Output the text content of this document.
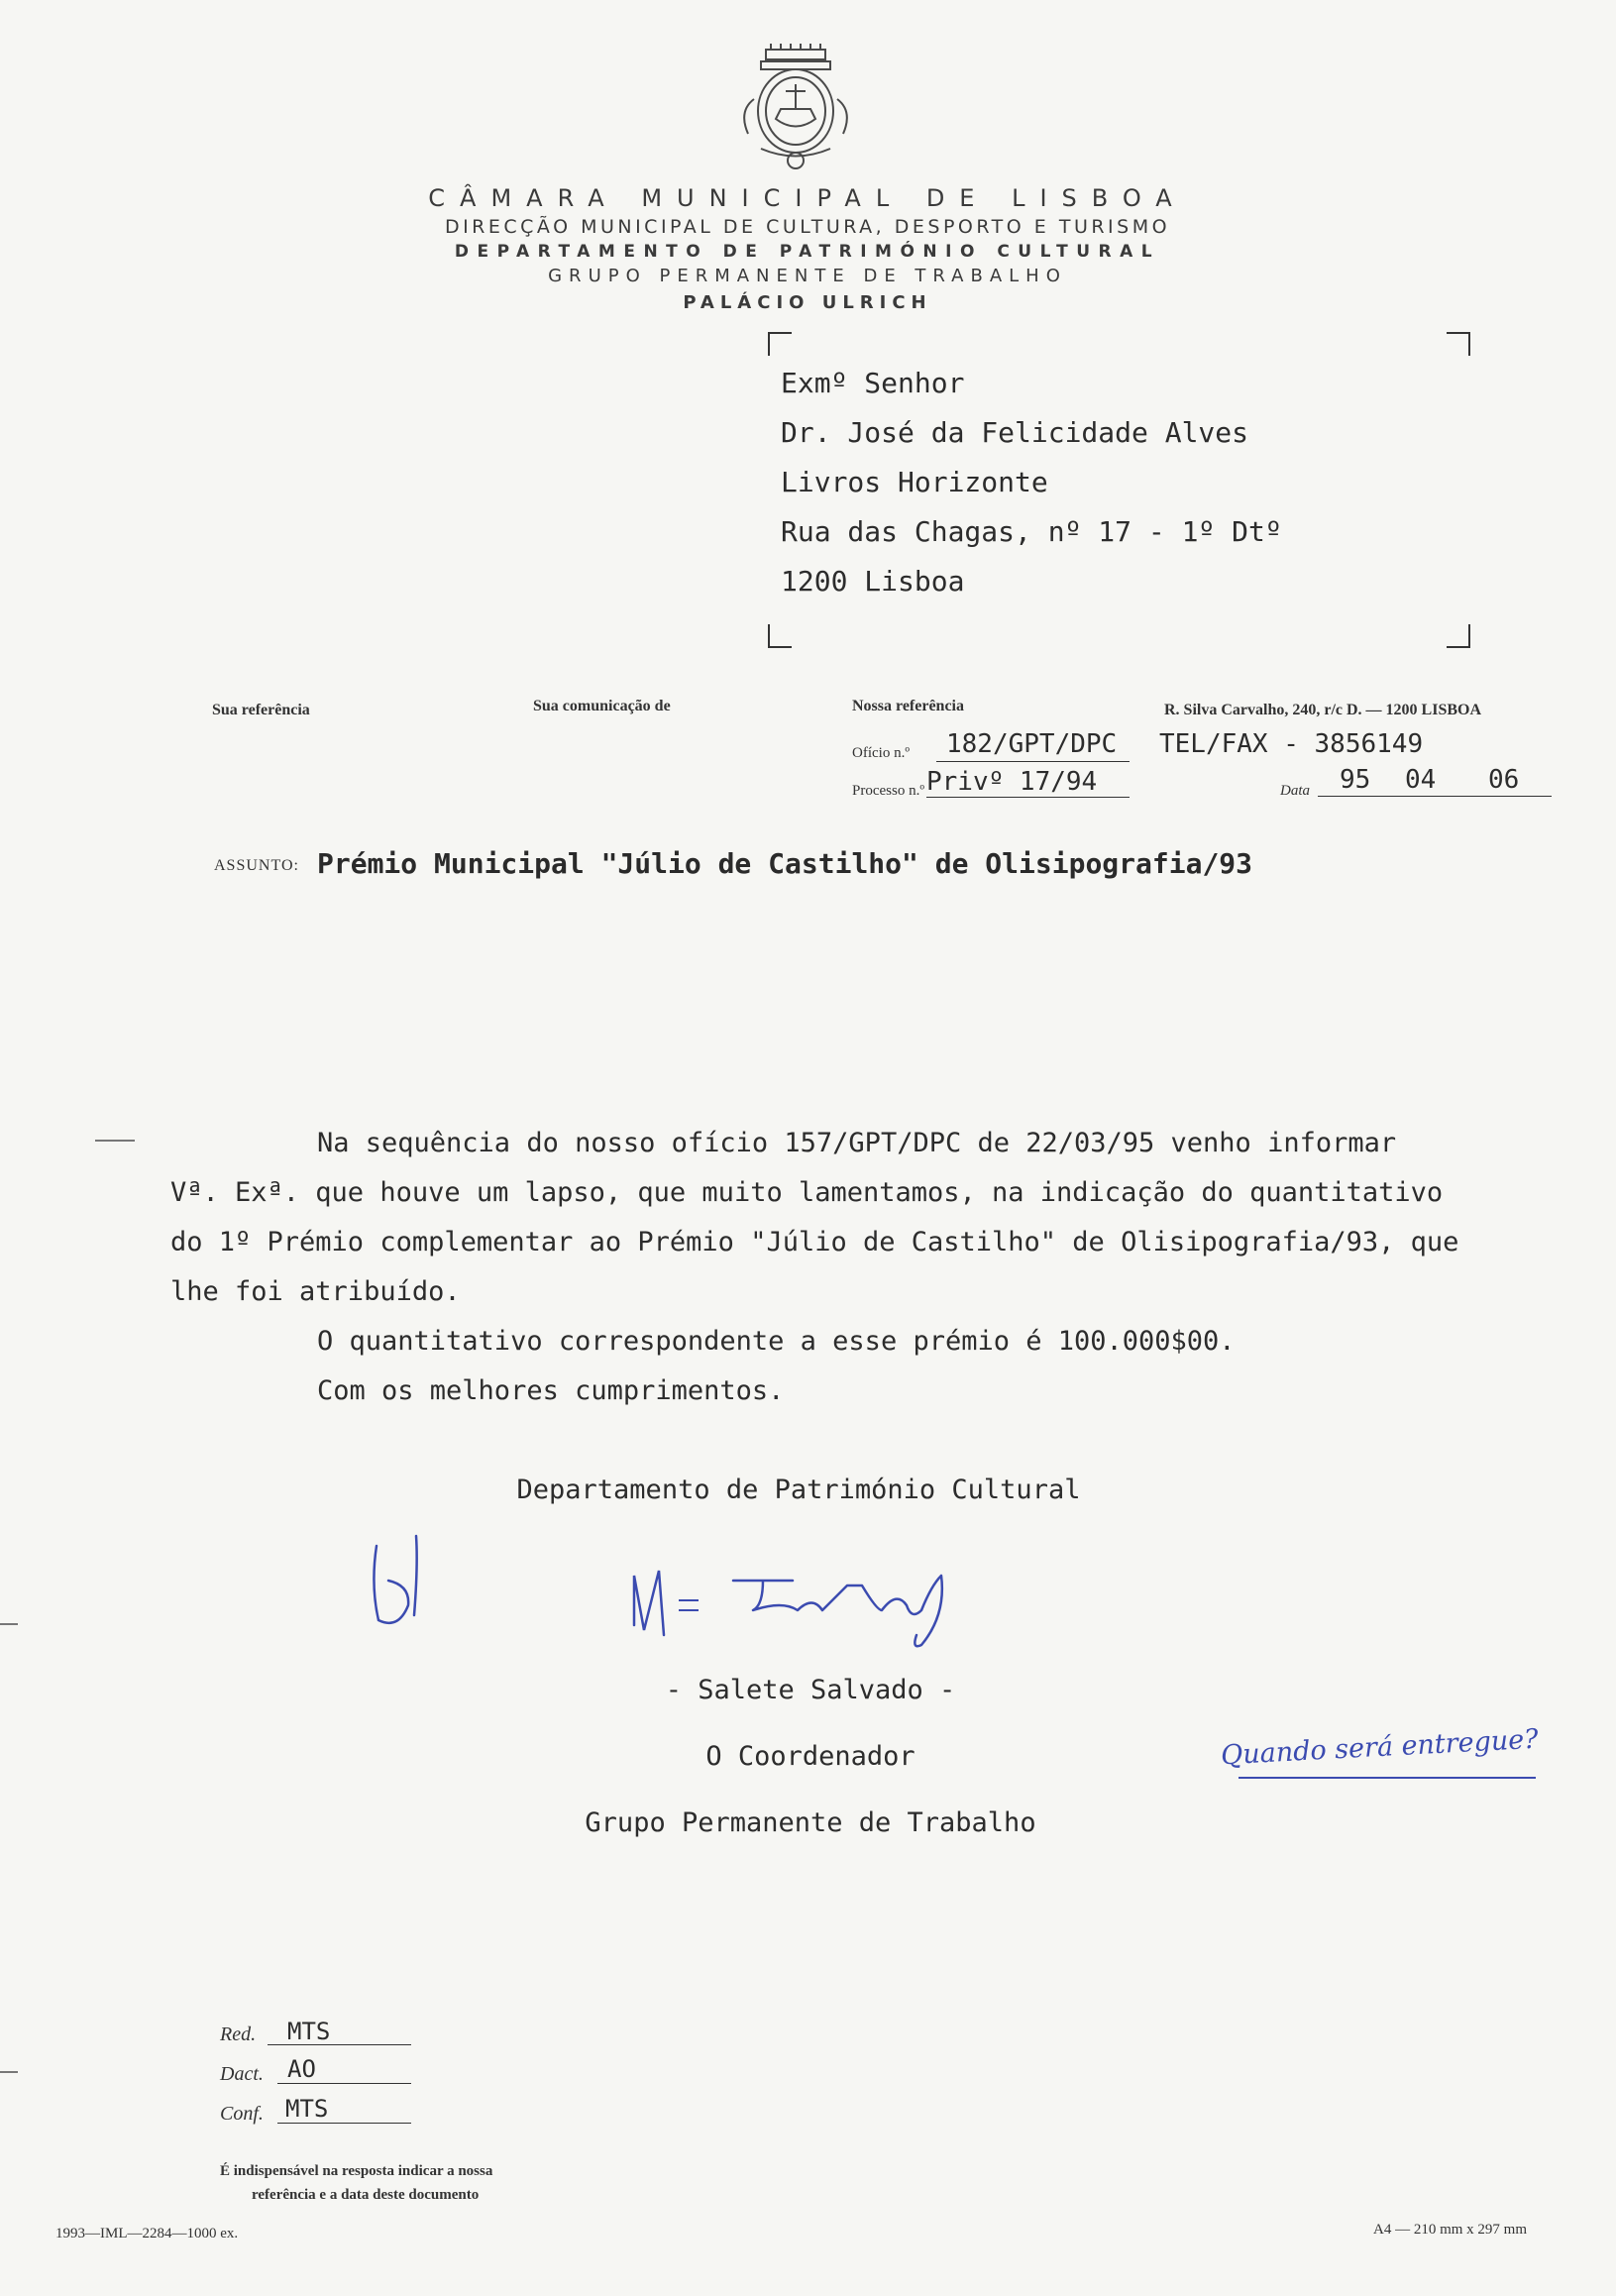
CÂMARA MUNICIPAL DE LISBOA
DIRECÇÃO MUNICIPAL DE CULTURA, DESPORTO E TURISMO
DEPARTAMENTO DE PATRIMÓNIO CULTURAL
GRUPO PERMANENTE DE TRABALHO
PALÁCIO ULRICH
Exmº Senhor
Dr. José da Felicidade Alves
Livros Horizonte
Rua das Chagas, nº 17 - 1º Dtº
1200 Lisboa
Sua referência	Sua comunicação de	Nossa referência	R. Silva Carvalho, 240, r/c D. — 1200 LISBOA
Ofício n.º 182/GPT/DPC TEL/FAX - 3856149
Processo n.º Privº 17/94	Data 95 04 06
ASSUNTO: Prémio Municipal "Júlio de Castilho" de Olisipografia/93
Na sequência do nosso ofício 157/GPT/DPC de 22/03/95 venho informar
Vª. Exª. que houve um lapso, que muito lamentamos, na indicação do quantitativo
do 1º Prémio complementar ao Prémio "Júlio de Castilho" de Olisipografia/93, que
lhe foi atribuído.
O quantitativo correspondente a esse prémio é 100.000$00.
Com os melhores cumprimentos.
Departamento de Património Cultural
- Salete Salvado -
O Coordenador
Grupo Permanente de Trabalho
Quando será entregue?
Red. MTS
Dact. AO
Conf. MTS
É indispensável na resposta indicar a nossa
referência e a data deste documento
1993—IML—2284—1000 ex.	A4 — 210 mm x 297 mm
